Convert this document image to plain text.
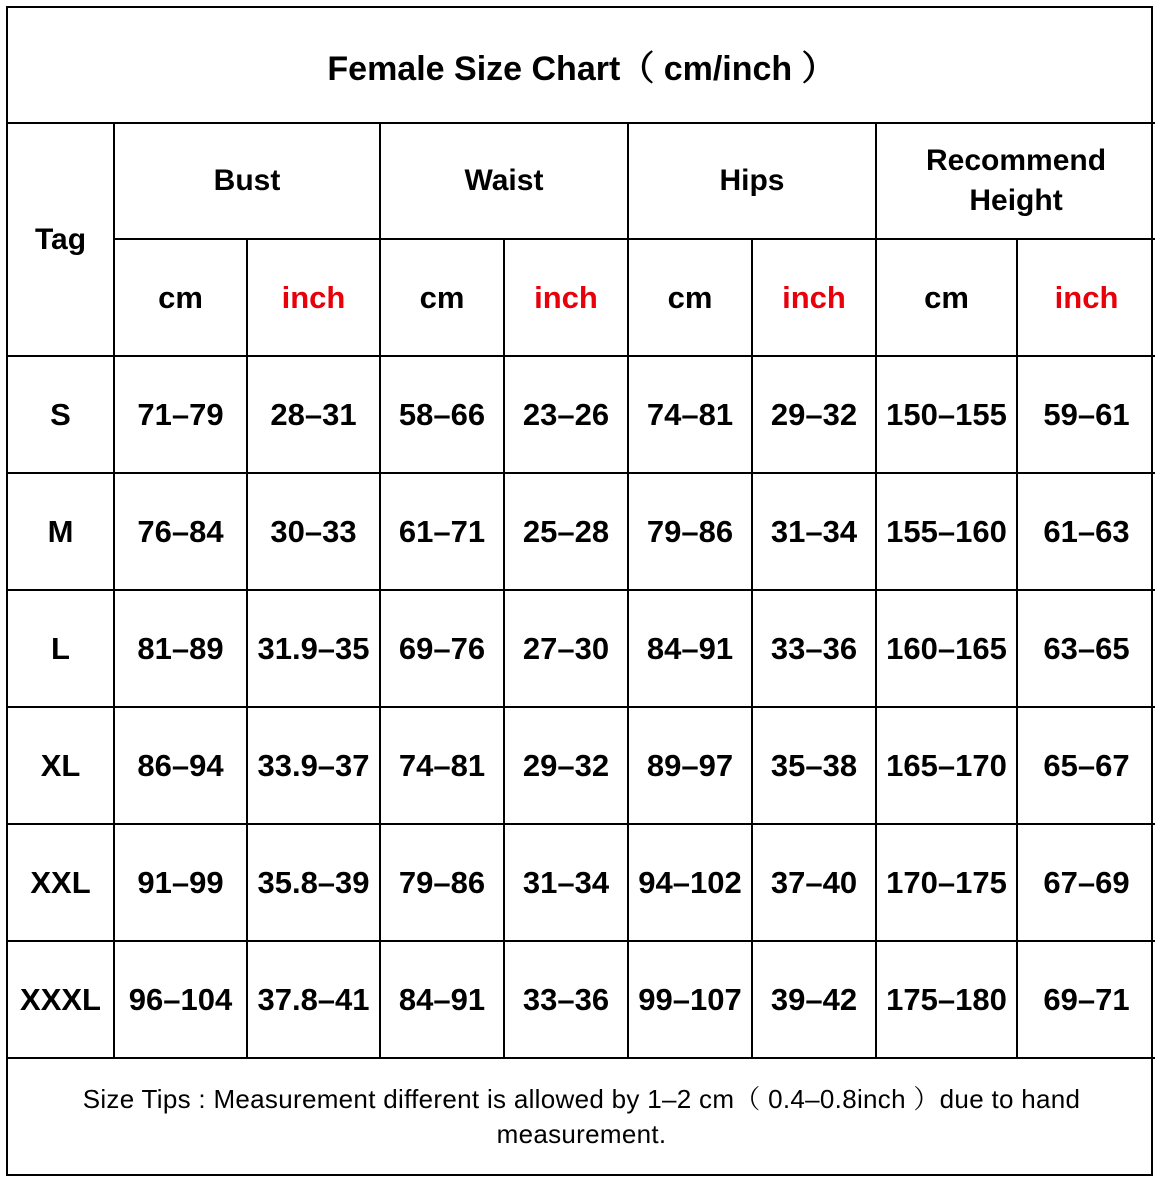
Female Size Chart（ cm/inch ）								
Tag	Bust		Waist		Hips		Recommend Height	
	cm	inch	cm	inch	cm	inch	cm	inch
S	71–79	28–31	58–66	23–26	74–81	29–32	150–155	59–61
M	76–84	30–33	61–71	25–28	79–86	31–34	155–160	61–63
L	81–89	31.9–35	69–76	27–30	84–91	33–36	160–165	63–65
XL	86–94	33.9–37	74–81	29–32	89–97	35–38	165–170	65–67
XXL	91–99	35.8–39	79–86	31–34	94–102	37–40	170–175	67–69
XXXL	96–104	37.8–41	84–91	33–36	99–107	39–42	175–180	69–71
Size Tips : Measurement different is allowed by 1–2 cm（ 0.4–0.8inch ）due to hand measurement.								
